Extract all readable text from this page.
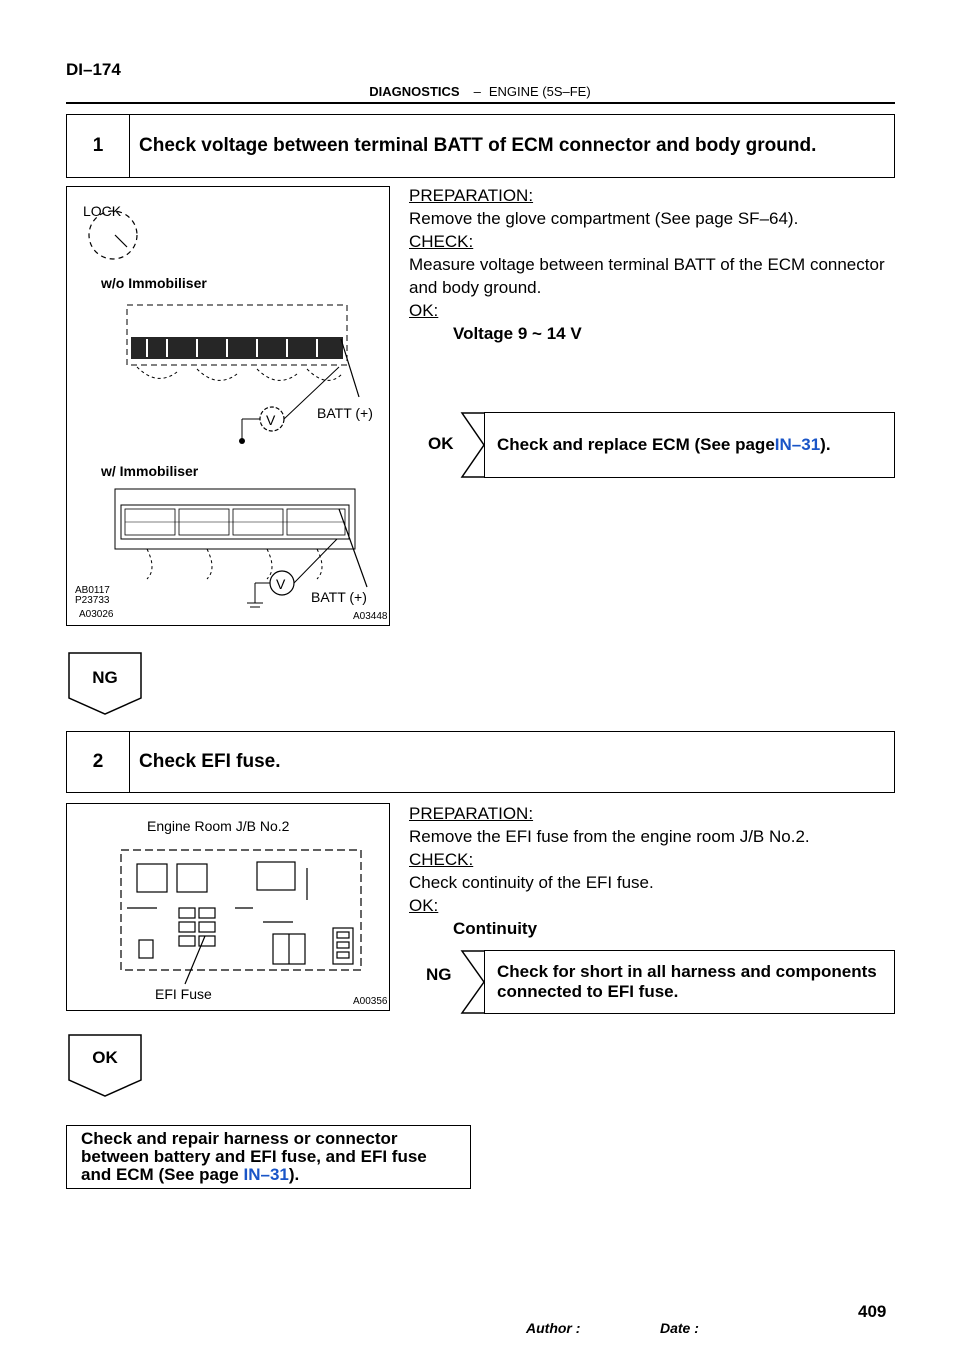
DI–174
DIAGNOSTICS – ENGINE (5S–FE)
1	Check voltage between terminal BATT of ECM connector and body ground.
V
V
LOCK
w/o Immobiliser
BATT (+)
w/ Immobiliser
BATT (+)
AB0117
P23733
A03026	A03448
PREPARATION:
Remove the glove compartment (See page SF–64).
CHECK:
Measure voltage between terminal BATT of the ECM connector
and body ground.
OK:
Voltage 9 ~ 14 V
OK	Check and replace ECM (See page IN–31 ).
NG
2	Check EFI fuse.
Engine Room J/B No.2
EFI Fuse	A00356
PREPARATION:
Remove the EFI fuse from the engine room J/B No.2.
CHECK:
Check continuity of the EFI fuse.
OK:
Continuity
NG	Check for short in all harness and components
connected to EFI fuse.
OK
Check and repair harness or connector
between battery and EFI fuse, and EFI fuse
and ECM (See page IN–31).
409
Author :	Date :
